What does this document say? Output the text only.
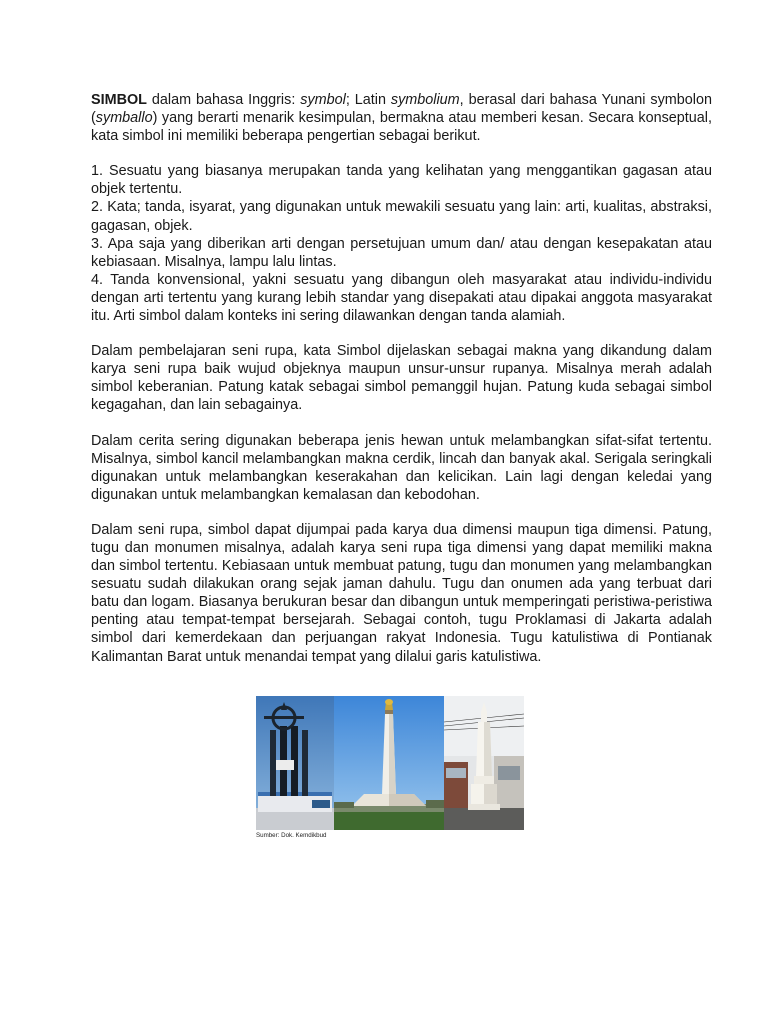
SIMBOL dalam bahasa Inggris: symbol; Latin symbolium, berasal dari bahasa Yunani symbolon (symballo) yang berarti menarik kesimpulan, bermakna atau memberi kesan. Secara konseptual, kata simbol ini memiliki beberapa pengertian sebagai berikut.

1. Sesuatu yang biasanya merupakan tanda yang kelihatan yang menggantikan gagasan atau objek tertentu.

2. Kata; tanda, isyarat, yang digunakan untuk mewakili sesuatu yang lain: arti, kualitas, abstraksi, gagasan, objek.

3. Apa saja yang diberikan arti dengan persetujuan umum dan/ atau dengan kesepakatan atau kebiasaan. Misalnya, lampu lalu lintas.

4. Tanda konvensional, yakni sesuatu yang dibangun oleh masyarakat atau individu-individu dengan arti tertentu yang kurang lebih standar yang disepakati atau dipakai anggota masyarakat itu. Arti simbol dalam konteks ini sering dilawankan dengan tanda alamiah.

Dalam pembelajaran seni rupa, kata Simbol dijelaskan sebagai makna yang dikandung dalam karya seni rupa baik wujud objeknya maupun unsur-unsur rupanya. Misalnya merah adalah simbol keberanian. Patung katak sebagai simbol pemanggil hujan. Patung kuda sebagai simbol kegagahan, dan lain sebagainya.

Dalam cerita sering digunakan beberapa jenis hewan untuk melambangkan sifat-sifat tertentu. Misalnya, simbol kancil melambangkan makna cerdik, lincah dan banyak akal. Serigala seringkali digunakan untuk melambangkan keserakahan dan kelicikan. Lain lagi dengan keledai yang digunakan untuk melambangkan kemalasan dan kebodohan.

Dalam seni rupa, simbol dapat dijumpai pada karya dua dimensi maupun tiga dimensi. Patung, tugu dan monumen misalnya, adalah karya seni rupa tiga dimensi yang dapat memiliki makna dan simbol tertentu. Kebiasaan untuk membuat patung, tugu dan monumen yang melambangkan sesuatu sudah dilakukan orang sejak jaman dahulu. Tugu dan onumen ada yang terbuat dari batu dan logam. Biasanya berukuran besar dan dibangun untuk memperingati peristiwa-peristiwa penting atau tempat-tempat bersejarah. Sebagai contoh, tugu Proklamasi di Jakarta adalah simbol dari kemerdekaan dan perjuangan rakyat Indonesia. Tugu katulistiwa di Pontianak Kalimantan Barat untuk menandai tempat yang dilalui garis katulistiwa.

Sumber: Dok. Kemdikbud
